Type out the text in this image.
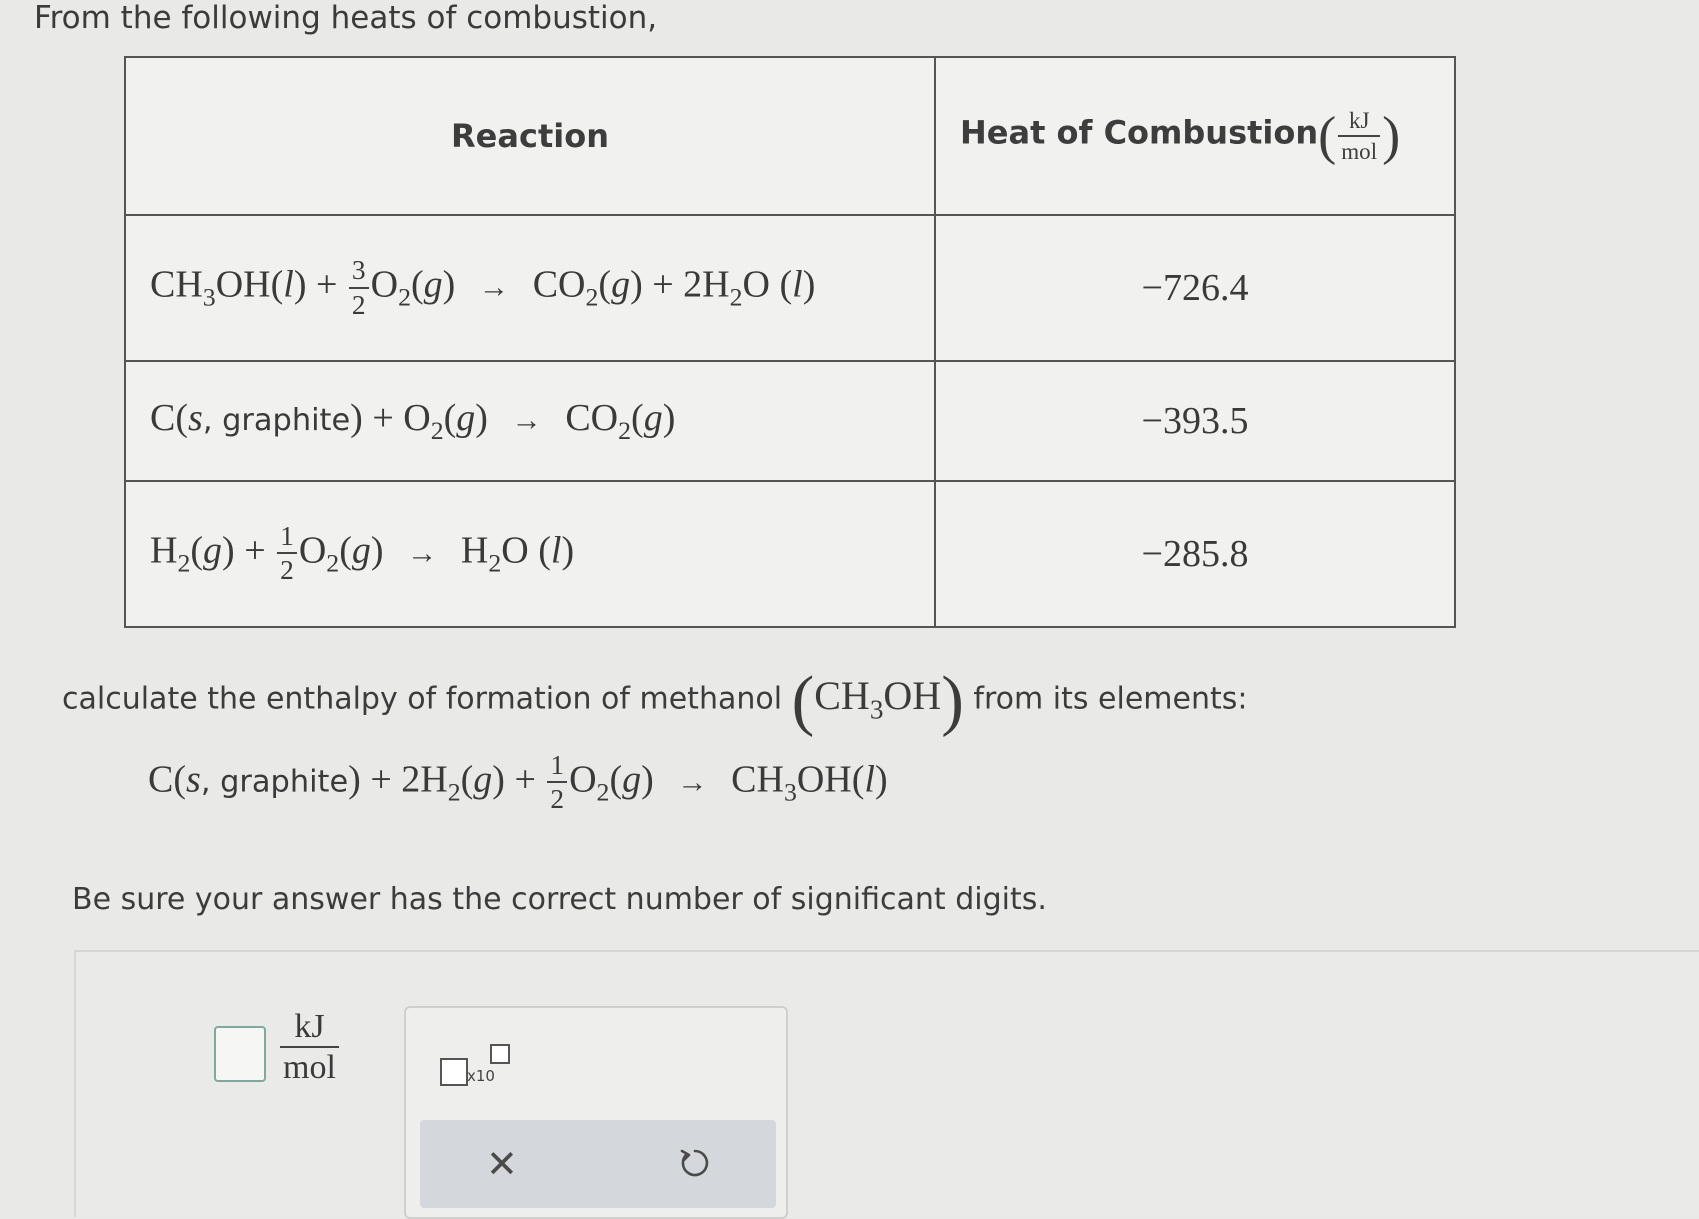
From the following heats of combustion,
Reaction	Heat of Combustion( $\frac{kJ}{\text{mol}}$ )
$CH_3OH(l) + \frac{3}{2} O_2(g) \to CO_2(g) + 2H_2O$ (l)	−726.4
C(s, graphite) + $O_2(g) \to CO_2(g)$	−393.5
$H_2(g) + \frac{1}{2} O_2(g) \to H_2O$ (l)	−285.8
calculate the enthalpy of formation of methanol $(CH_3OH)$ from its elements:
C(s, graphite) + $2H_2(g) + \frac{1}{2} O_2(g) \to CH_3OH(l)$
Be sure your answer has the correct number of significant digits.
$\frac{kJ}{\text{mol}}$	x10
✕
